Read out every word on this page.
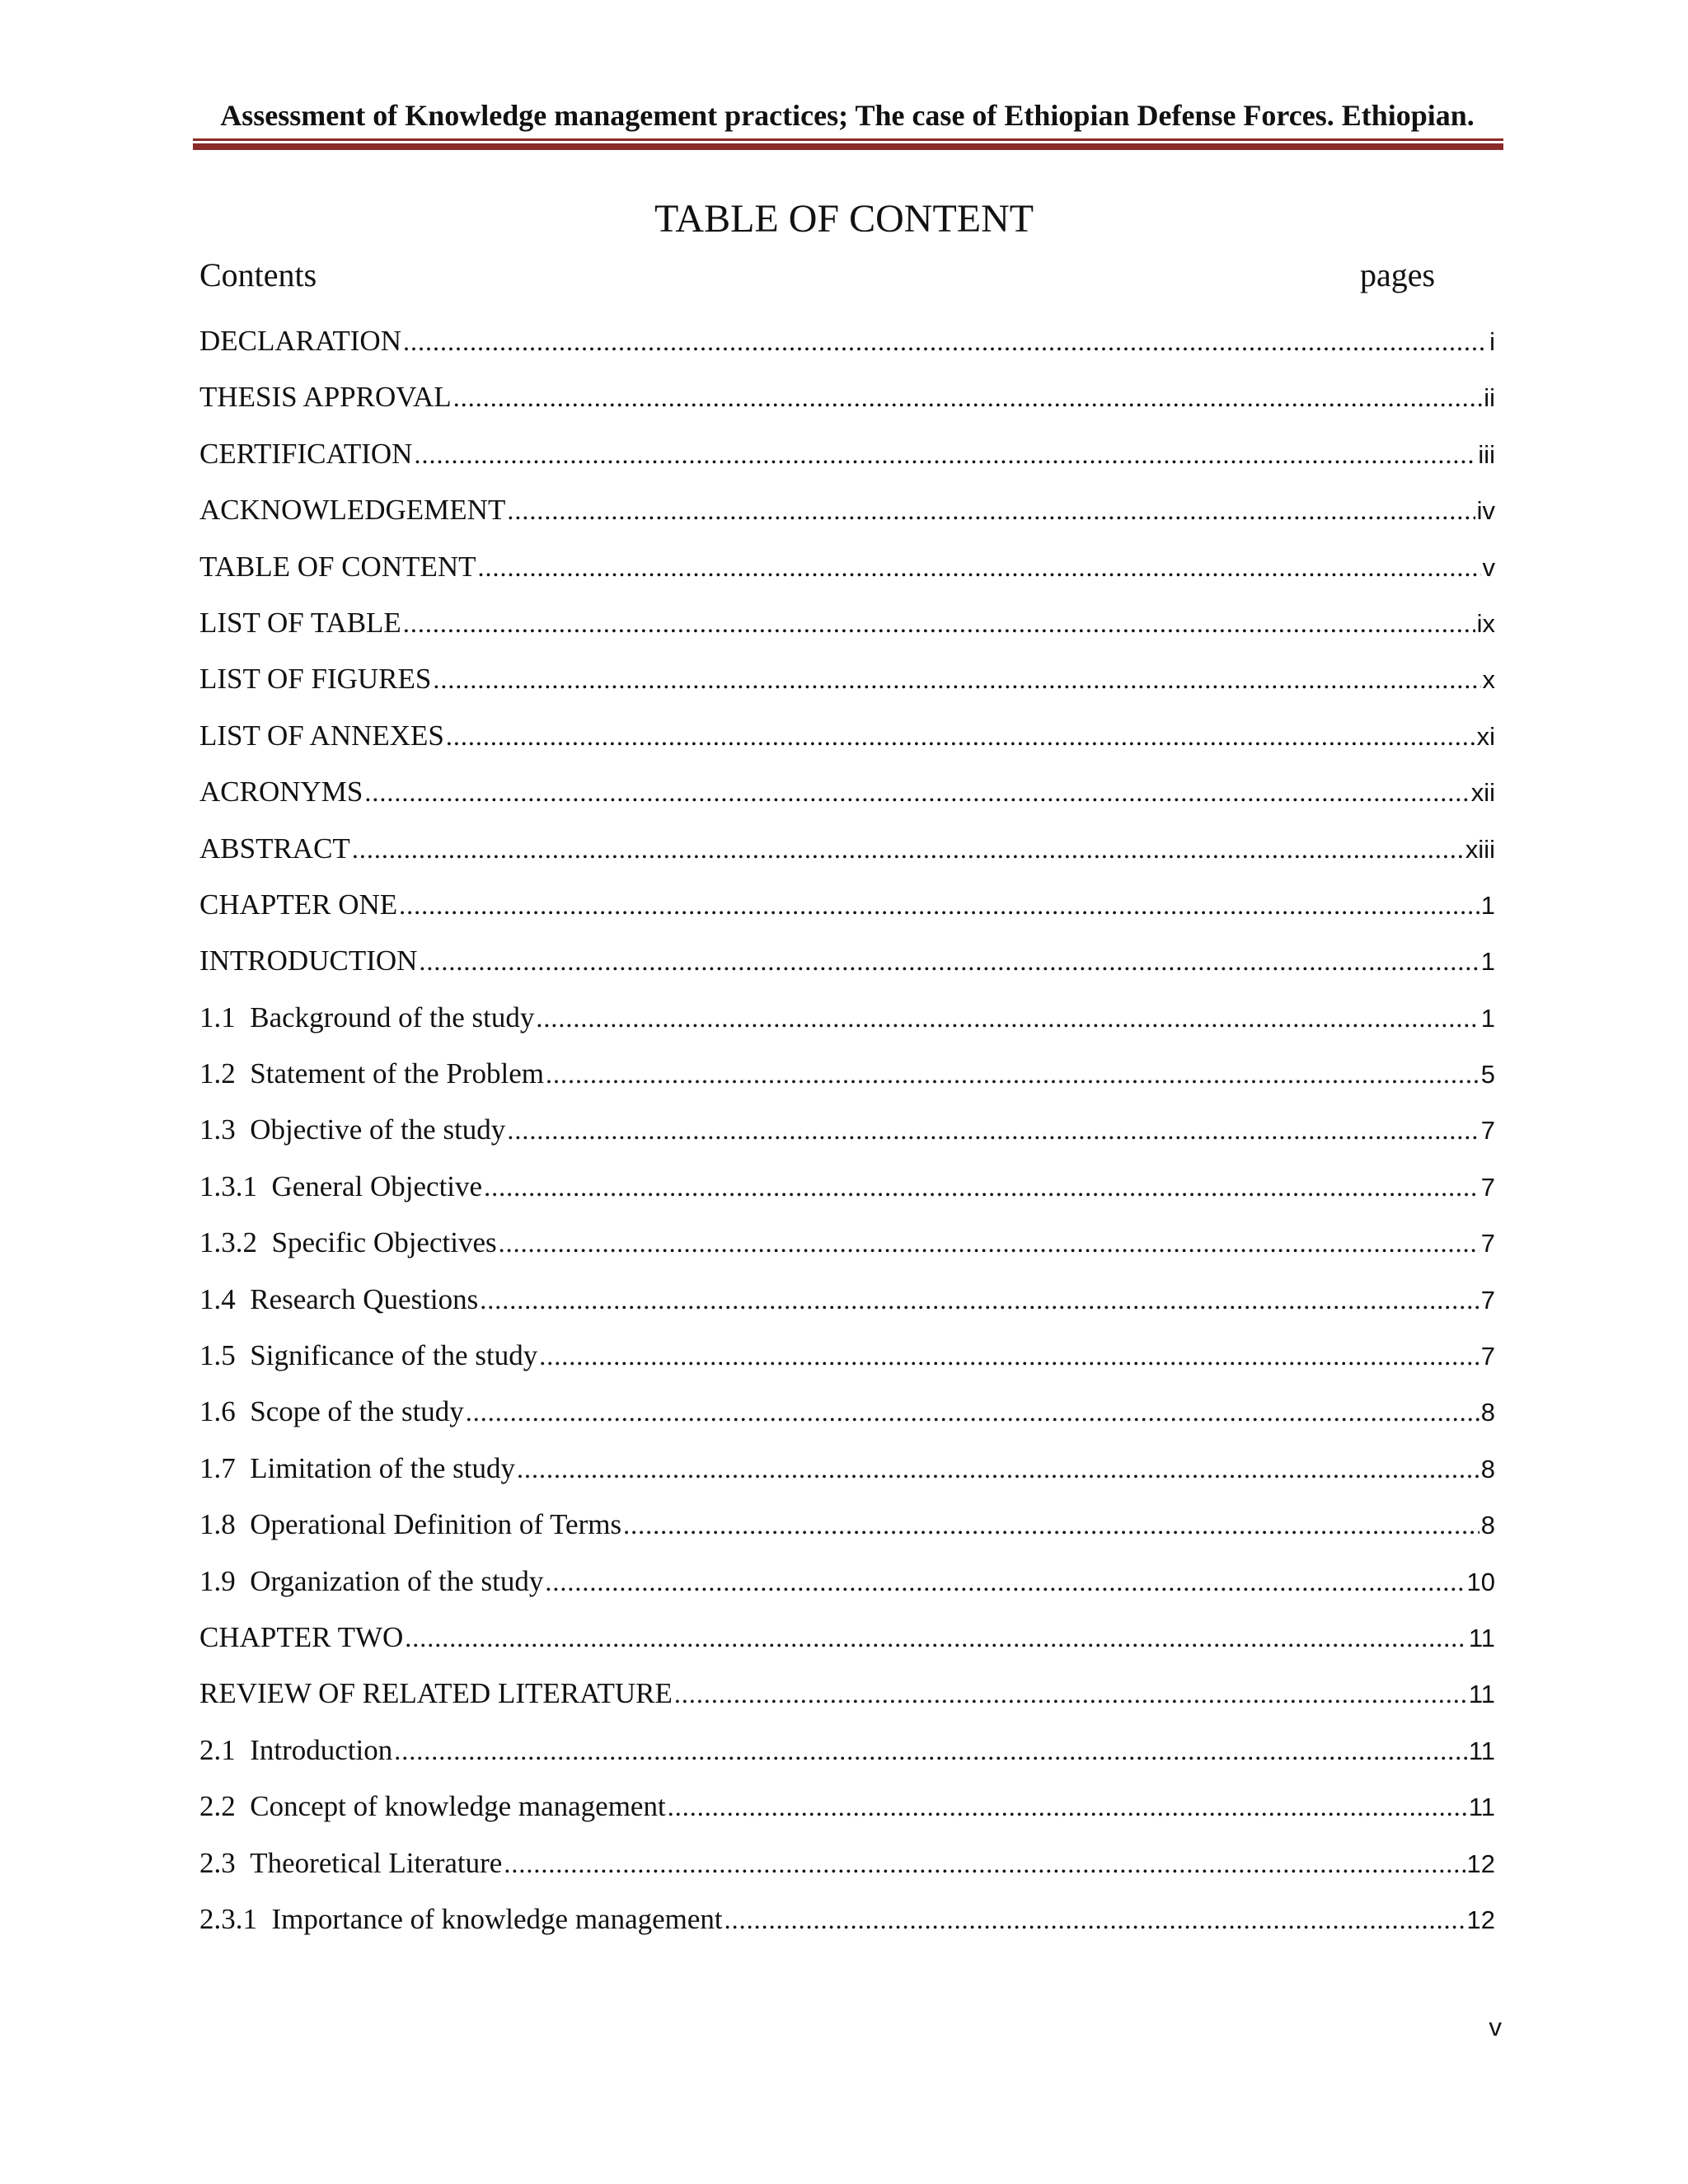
Assessment of Knowledge management practices; The case of Ethiopian Defense Forces. Ethiopian.
TABLE OF CONTENT
Contents	pages
DECLARATION .....	i
THESIS APPROVAL .....	ii
CERTIFICATION .....	iii
ACKNOWLEDGEMENT .....	iv
TABLE OF CONTENT .....	v
LIST OF TABLE .....	ix
LIST OF FIGURES .....	x
LIST OF ANNEXES .....	xi
ACRONYMS .....	xii
ABSTRACT .....	xiii
CHAPTER ONE .....	1
INTRODUCTION .....	1
1.1 Background of the study .....	1
1.2 Statement of the Problem .....	5
1.3 Objective of the study .....	7
1.3.1 General Objective .....	7
1.3.2 Specific Objectives .....	7
1.4 Research Questions .....	7
1.5 Significance of the study .....	7
1.6 Scope of the study .....	8
1.7 Limitation of the study .....	8
1.8 Operational Definition of Terms .....	8
1.9 Organization of the study .....	10
CHAPTER TWO .....	11
REVIEW OF RELATED LITERATURE .....	11
2.1 Introduction .....	11
2.2 Concept of knowledge management .....	11
2.3 Theoretical Literature .....	12
2.3.1 Importance of knowledge management .....	12
v
